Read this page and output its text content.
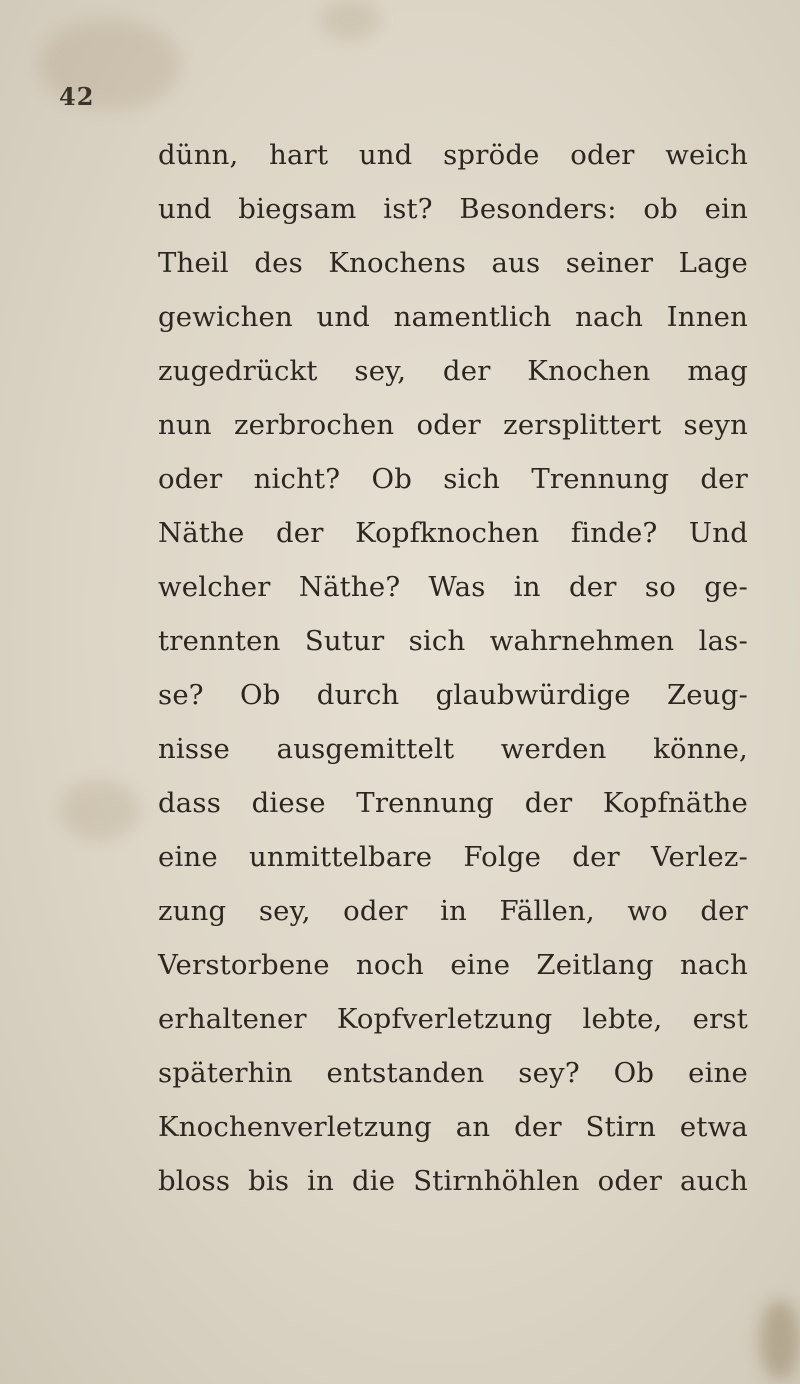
42
dünn, hart und spröde oder weich
und biegsam ist? Besonders: ob ein
Theil des Knochens aus seiner Lage
gewichen und namentlich nach Innen
zugedrückt sey, der Knochen mag
nun zerbrochen oder zersplittert seyn
oder nicht? Ob sich Trennung der
Näthe der Kopfknochen finde? Und
welcher Näthe? Was in der so ge-
trennten Sutur sich wahrnehmen las-
se? Ob durch glaubwürdige Zeug-
nisse ausgemittelt werden könne,
dass diese Trennung der Kopfnäthe
eine unmittelbare Folge der Verlez-
zung sey, oder in Fällen, wo der
Verstorbene noch eine Zeitlang nach
erhaltener Kopfverletzung lebte, erst
späterhin entstanden sey? Ob eine
Knochenverletzung an der Stirn etwa
bloss bis in die Stirnhöhlen oder auch
